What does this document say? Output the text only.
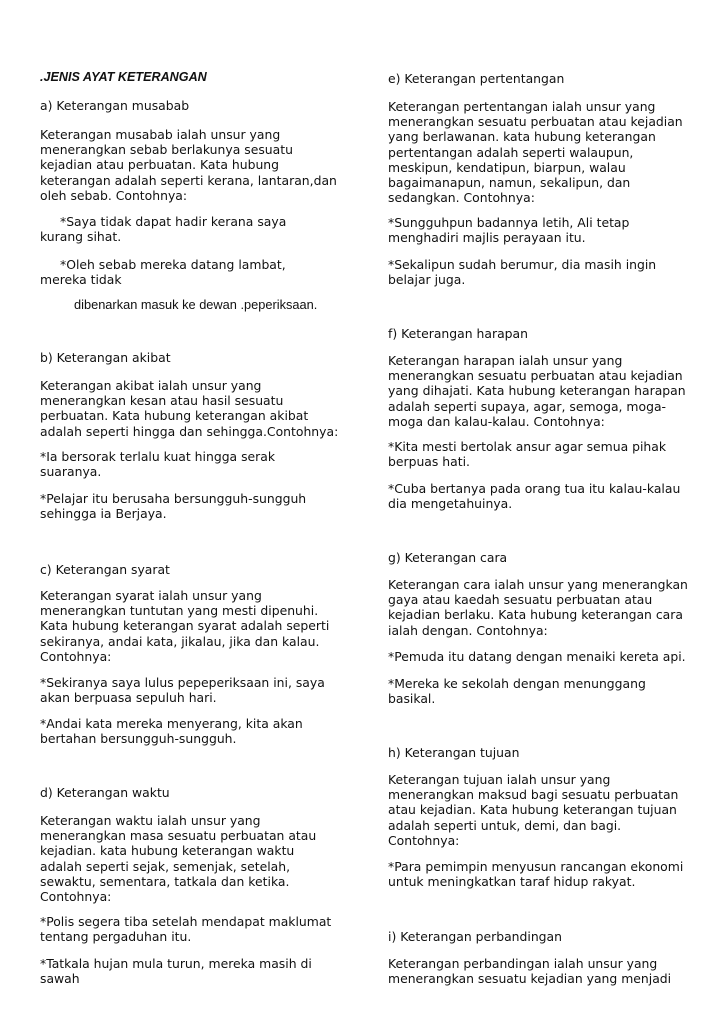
.JENIS AYAT KETERANGAN
a) Keterangan musabab
Keterangan musabab ialah unsur yang
menerangkan sebab berlakunya sesuatu
kejadian atau perbuatan. Kata hubung
keterangan adalah seperti kerana, lantaran,dan
oleh sebab. Contohnya:
*Saya tidak dapat hadir kerana saya
kurang sihat.
*Oleh sebab mereka datang lambat,
mereka tidak
dibenarkan masuk ke dewan .peperiksaan.
b) Keterangan akibat
Keterangan akibat ialah unsur yang
menerangkan kesan atau hasil sesuatu
perbuatan. Kata hubung keterangan akibat
adalah seperti hingga dan sehingga.Contohnya:
*Ia bersorak terlalu kuat hingga serak
suaranya.
*Pelajar itu berusaha bersungguh-sungguh
sehingga ia Berjaya.
c) Keterangan syarat
Keterangan syarat ialah unsur yang
menerangkan tuntutan yang mesti dipenuhi.
Kata hubung keterangan syarat adalah seperti
sekiranya, andai kata, jikalau, jika dan kalau.
Contohnya:
*Sekiranya saya lulus pepeperiksaan ini, saya
akan berpuasa sepuluh hari.
*Andai kata mereka menyerang, kita akan
bertahan bersungguh-sungguh.
d) Keterangan waktu
Keterangan waktu ialah unsur yang
menerangkan masa sesuatu perbuatan atau
kejadian. kata hubung keterangan waktu
adalah seperti sejak, semenjak, setelah,
sewaktu, sementara, tatkala dan ketika.
Contohnya:
*Polis segera tiba setelah mendapat maklumat
tentang pergaduhan itu.
*Tatkala hujan mula turun, mereka masih di
sawah
e) Keterangan pertentangan
Keterangan pertentangan ialah unsur yang
menerangkan sesuatu perbuatan atau kejadian
yang berlawanan. kata hubung keterangan
pertentangan adalah seperti walaupun,
meskipun, kendatipun, biarpun, walau
bagaimanapun, namun, sekalipun, dan
sedangkan. Contohnya:
*Sungguhpun badannya letih, Ali tetap
menghadiri majlis perayaan itu.
*Sekalipun sudah berumur, dia masih ingin
belajar juga.
f) Keterangan harapan
Keterangan harapan ialah unsur yang
menerangkan sesuatu perbuatan atau kejadian
yang dihajati. Kata hubung keterangan harapan
adalah seperti supaya, agar, semoga, moga-
moga dan kalau-kalau. Contohnya:
*Kita mesti bertolak ansur agar semua pihak
berpuas hati.
*Cuba bertanya pada orang tua itu kalau-kalau
dia mengetahuinya.
g) Keterangan cara
Keterangan cara ialah unsur yang menerangkan
gaya atau kaedah sesuatu perbuatan atau
kejadian berlaku. Kata hubung keterangan cara
ialah dengan. Contohnya:
*Pemuda itu datang dengan menaiki kereta api.
*Mereka ke sekolah dengan menunggang
basikal.
h) Keterangan tujuan
Keterangan tujuan ialah unsur yang
menerangkan maksud bagi sesuatu perbuatan
atau kejadian. Kata hubung keterangan tujuan
adalah seperti untuk, demi, dan bagi.
Contohnya:
*Para pemimpin menyusun rancangan ekonomi
untuk meningkatkan taraf hidup rakyat.
i) Keterangan perbandingan
Keterangan perbandingan ialah unsur yang
menerangkan sesuatu kejadian yang menjadi
